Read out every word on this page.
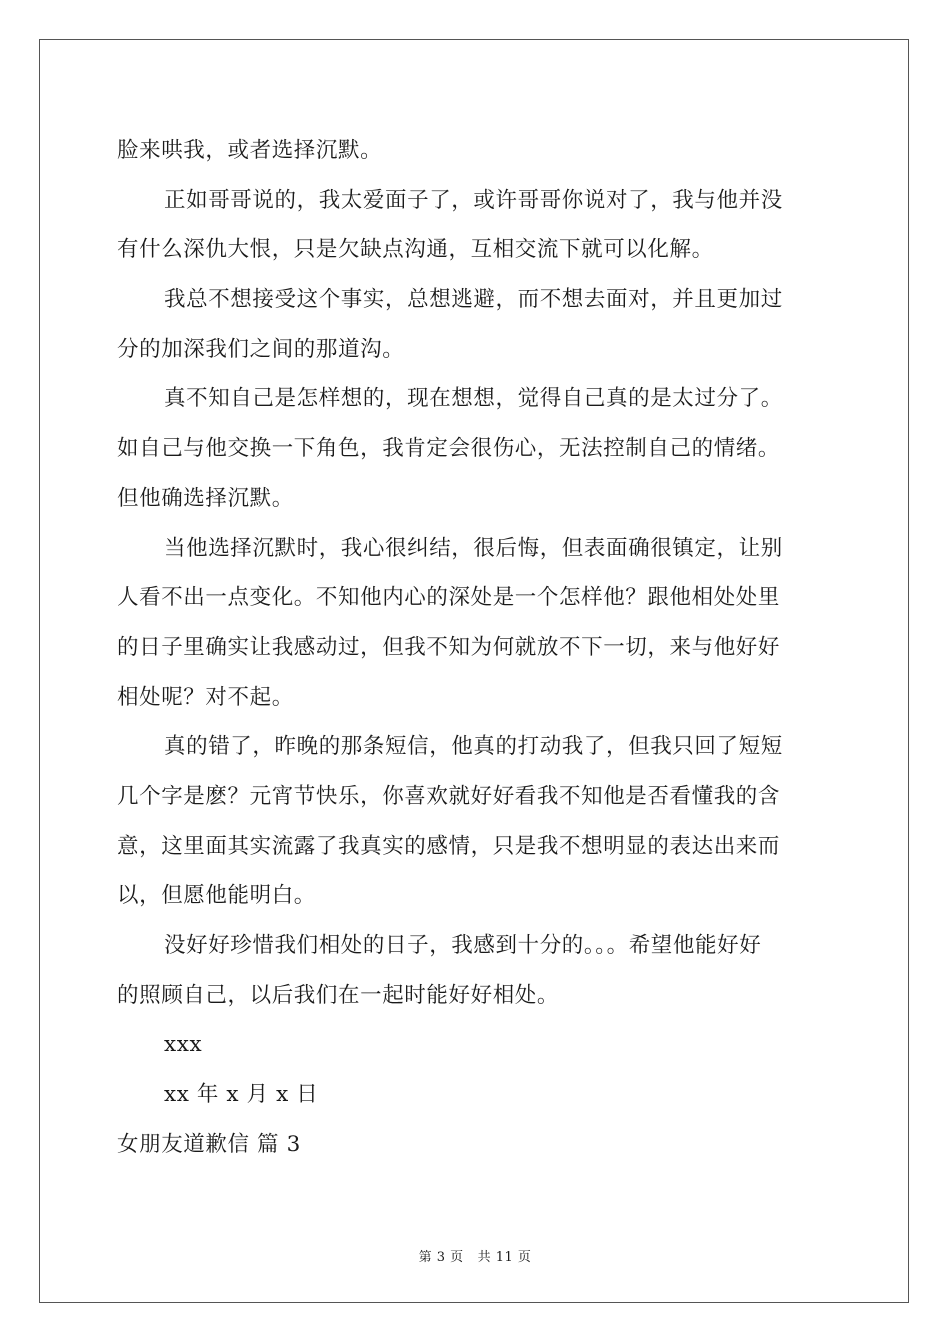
脸来哄我，或者选择沉默。
正如哥哥说的，我太爱面子了，或许哥哥你说对了，我与他并没
有什么深仇大恨，只是欠缺点沟通，互相交流下就可以化解。
我总不想接受这个事实，总想逃避，而不想去面对，并且更加过
分的加深我们之间的那道沟。
真不知自己是怎样想的，现在想想，觉得自己真的是太过分了。
如自己与他交换一下角色，我肯定会很伤心，无法控制自己的情绪。
但他确选择沉默。
当他选择沉默时，我心很纠结，很后悔，但表面确很镇定，让别
人看不出一点变化。不知他内心的深处是一个怎样他？跟他相处处里
的日子里确实让我感动过，但我不知为何就放不下一切，来与他好好
相处呢？对不起。
真的错了，昨晚的那条短信，他真的打动我了，但我只回了短短
几个字是麽？元宵节快乐，你喜欢就好好看我不知他是否看懂我的含
意，这里面其实流露了我真实的感情，只是我不想明显的表达出来而
以，但愿他能明白。
没好好珍惜我们相处的日子，我感到十分的。。。希望他能好好
的照顾自己，以后我们在一起时能好好相处。
xxx
xx 年 x 月 x 日
女朋友道歉信 篇 3
第 3 页 共 11 页
